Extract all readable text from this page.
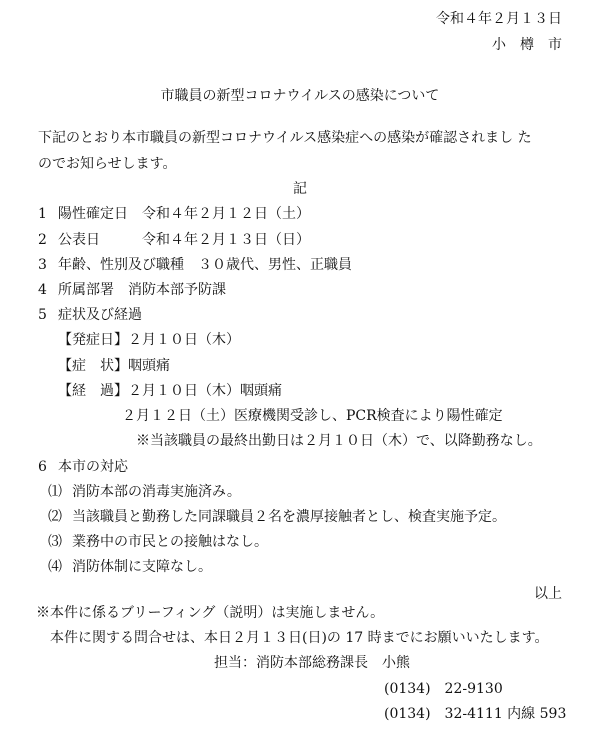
令和４年２月１３日
小　樽　市
市職員の新型コロナウイルスの感染について
下記のとおり本市職員の新型コロナウイルス感染症への感染が確認されまし た
のでお知らせします。
記
1 陽性確定日　令和４年２月１２日（土）
2 公表日　　　令和４年２月１３日（日）
3 年齢、性別及び職種　３０歳代、男性、正職員
4 所属部署　消防本部予防課
5 症状及び経過
【発症日】２月１０日（木）
【症　状】咽頭痛
【経　過】２月１０日（木）咽頭痛
２月１２日（土）医療機関受診し、PCR検査により陽性確定
※当該職員の最終出勤日は２月１０日（木）で、以降勤務なし。
6 本市の対応
⑴ 消防本部の消毒実施済み。
⑵ 当該職員と勤務した同課職員２名を濃厚接触者とし、検査実施予定。
⑶ 業務中の市民との接触はなし。
⑷ 消防体制に支障なし。
以上
※本件に係るブリーフィング（説明）は実施しません。
本件に関する問合せは、本日２月１３日(日)の 17 時までにお願いいたします。
担当：消防本部総務課長　小熊
(0134)　22-9130
(0134)　32-4111 内線 593
